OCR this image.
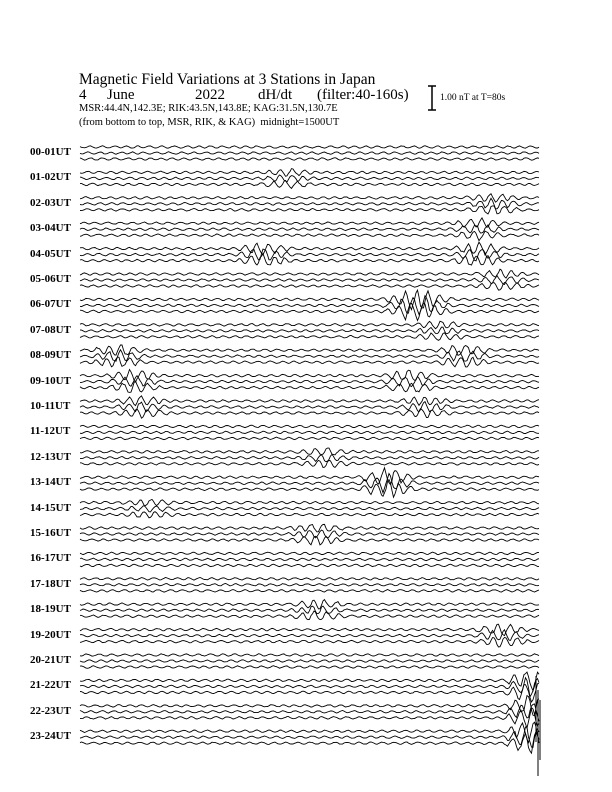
Magnetic Field Variations at 3 Stations in Japan

4

June

	2022

dH/dt

(filter:40-160s)

MSR:44.4N,142.3E; RIK:43.5N,143.8E; KAG:31.5N,130.7E
(from bottom to top, MSR, RIK, & KAG) midnight=1500UT
1.00 nT at T=80s
00-01UT
01-02UT
02-03UT
03-04UT
04-05UT
05-06UT
06-07UT
07-08UT
08-09UT
09-10UT
10-11UT
11-12UT
12-13UT
13-14UT
14-15UT
15-16UT
16-17UT
17-18UT
18-19UT
19-20UT
20-21UT
21-22UT
22-23UT
23-24UT
